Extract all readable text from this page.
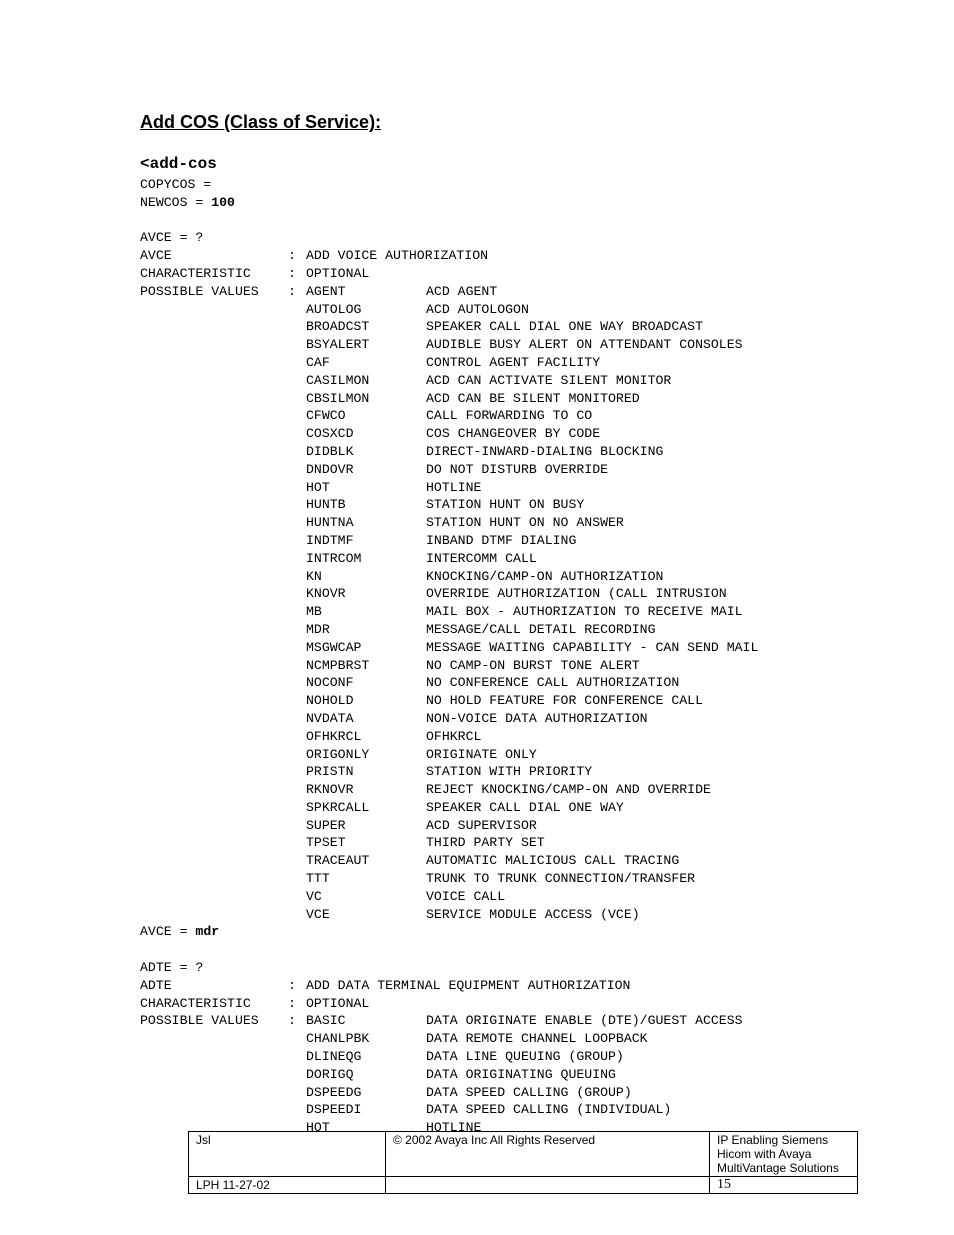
Add COS (Class of Service):
<add-cos
COPYCOS =
NEWCOS = 100
AVCE = ?
AVCE	: ADD VOICE AUTHORIZATION
CHARACTERISTIC	: OPTIONAL
POSSIBLE VALUES : AGENT	ACD AGENT
AUTOLOG	ACD AUTOLOGON
BROADCST	SPEAKER CALL DIAL ONE WAY BROADCAST
BSYALERT	AUDIBLE BUSY ALERT ON ATTENDANT CONSOLES
CAF	CONTROL AGENT FACILITY
CASILMON	ACD CAN ACTIVATE SILENT MONITOR
CBSILMON	ACD CAN BE SILENT MONITORED
CFWCO	CALL FORWARDING TO CO
COSXCD	COS CHANGEOVER BY CODE
DIDBLK	DIRECT-INWARD-DIALING BLOCKING
DNDOVR	DO NOT DISTURB OVERRIDE
HOT	HOTLINE
HUNTB	STATION HUNT ON BUSY
HUNTNA	STATION HUNT ON NO ANSWER
INDTMF	INBAND DTMF DIALING
INTRCOM	INTERCOMM CALL
KN	KNOCKING/CAMP-ON AUTHORIZATION
KNOVR	OVERRIDE AUTHORIZATION (CALL INTRUSION
MB	MAIL BOX - AUTHORIZATION TO RECEIVE MAIL
MDR	MESSAGE/CALL DETAIL RECORDING
MSGWCAP	MESSAGE WAITING CAPABILITY - CAN SEND MAIL
NCMPBRST	NO CAMP-ON BURST TONE ALERT
NOCONF	NO CONFERENCE CALL AUTHORIZATION
NOHOLD	NO HOLD FEATURE FOR CONFERENCE CALL
NVDATA	NON-VOICE DATA AUTHORIZATION
OFHKRCL	OFHKRCL
ORIGONLY	ORIGINATE ONLY
PRISTN	STATION WITH PRIORITY
RKNOVR	REJECT KNOCKING/CAMP-ON AND OVERRIDE
SPKRCALL	SPEAKER CALL DIAL ONE WAY
SUPER	ACD SUPERVISOR
TPSET	THIRD PARTY SET
TRACEAUT	AUTOMATIC MALICIOUS CALL TRACING
TTT	TRUNK TO TRUNK CONNECTION/TRANSFER
VC	VOICE CALL
VCE	SERVICE MODULE ACCESS (VCE)
AVCE = mdr
ADTE = ?
ADTE	: ADD DATA TERMINAL EQUIPMENT AUTHORIZATION
CHARACTERISTIC	: OPTIONAL
POSSIBLE VALUES : BASIC	DATA ORIGINATE ENABLE (DTE)/GUEST ACCESS
CHANLPBK	DATA REMOTE CHANNEL LOOPBACK
DLINEQG	DATA LINE QUEUING (GROUP)
DORIGQ	DATA ORIGINATING QUEUING
DSPEEDG	DATA SPEED CALLING (GROUP)
DSPEEDI	DATA SPEED CALLING (INDIVIDUAL)
HOT	HOTLINE
Jsl	© 2002 Avaya Inc All Rights Reserved	IP Enabling Siemens
Hicom with Avaya
MultiVantage Solutions

LPH 11-27-02		15
